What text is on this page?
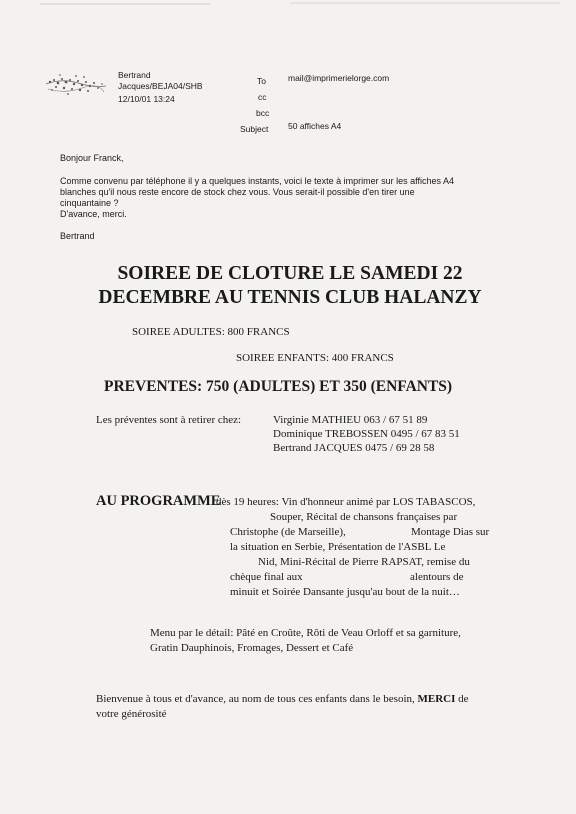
Bertrand
Jacques/BEJA04/SHB
12/10/01 13:24
To	mail@imprimerielorge.com
cc
bcc
Subject 50 affiches A4
Bonjour Franck,
Comme convenu par téléphone il y a quelques instants, voici le texte à imprimer sur les affiches A4
blanches qu'il nous reste encore de stock chez vous. Vous serait-il possible d'en tirer une
cinquantaine ?
D'avance, merci.
Bertrand
SOIREE DE CLOTURE LE SAMEDI 22
DECEMBRE AU TENNIS CLUB HALANZY
SOIREE ADULTES: 800 FRANCS
SOIREE ENFANTS: 400 FRANCS
PREVENTES: 750 (ADULTES) ET 350 (ENFANTS)
Les préventes sont à retirer chez:	Virginie MATHIEU 063 / 67 51 89
Dominique TREBOSSEN 0495 / 67 83 51
Bertrand JACQUES 0475 / 69 28 58
AU PROGRAMME
dès 19 heures: Vin d'honneur animé par LOS TABASCOS,
Souper, Récital de chansons françaises par
Christophe (de Marseille),	Montage Dias sur
la situation en Serbie, Présentation de l'ASBL Le
Nid, Mini-Récital de Pierre RAPSAT, remise du
chèque final aux	alentours de
minuit et Soirée Dansante jusqu'au bout de la nuit…
Menu par le détail: Pâté en Croûte, Rôti de Veau Orloff et sa garniture,
Gratin Dauphinois, Fromages, Dessert et Café
Bienvenue à tous et d'avance, au nom de tous ces enfants dans le besoin, MERCI de
votre générosité
